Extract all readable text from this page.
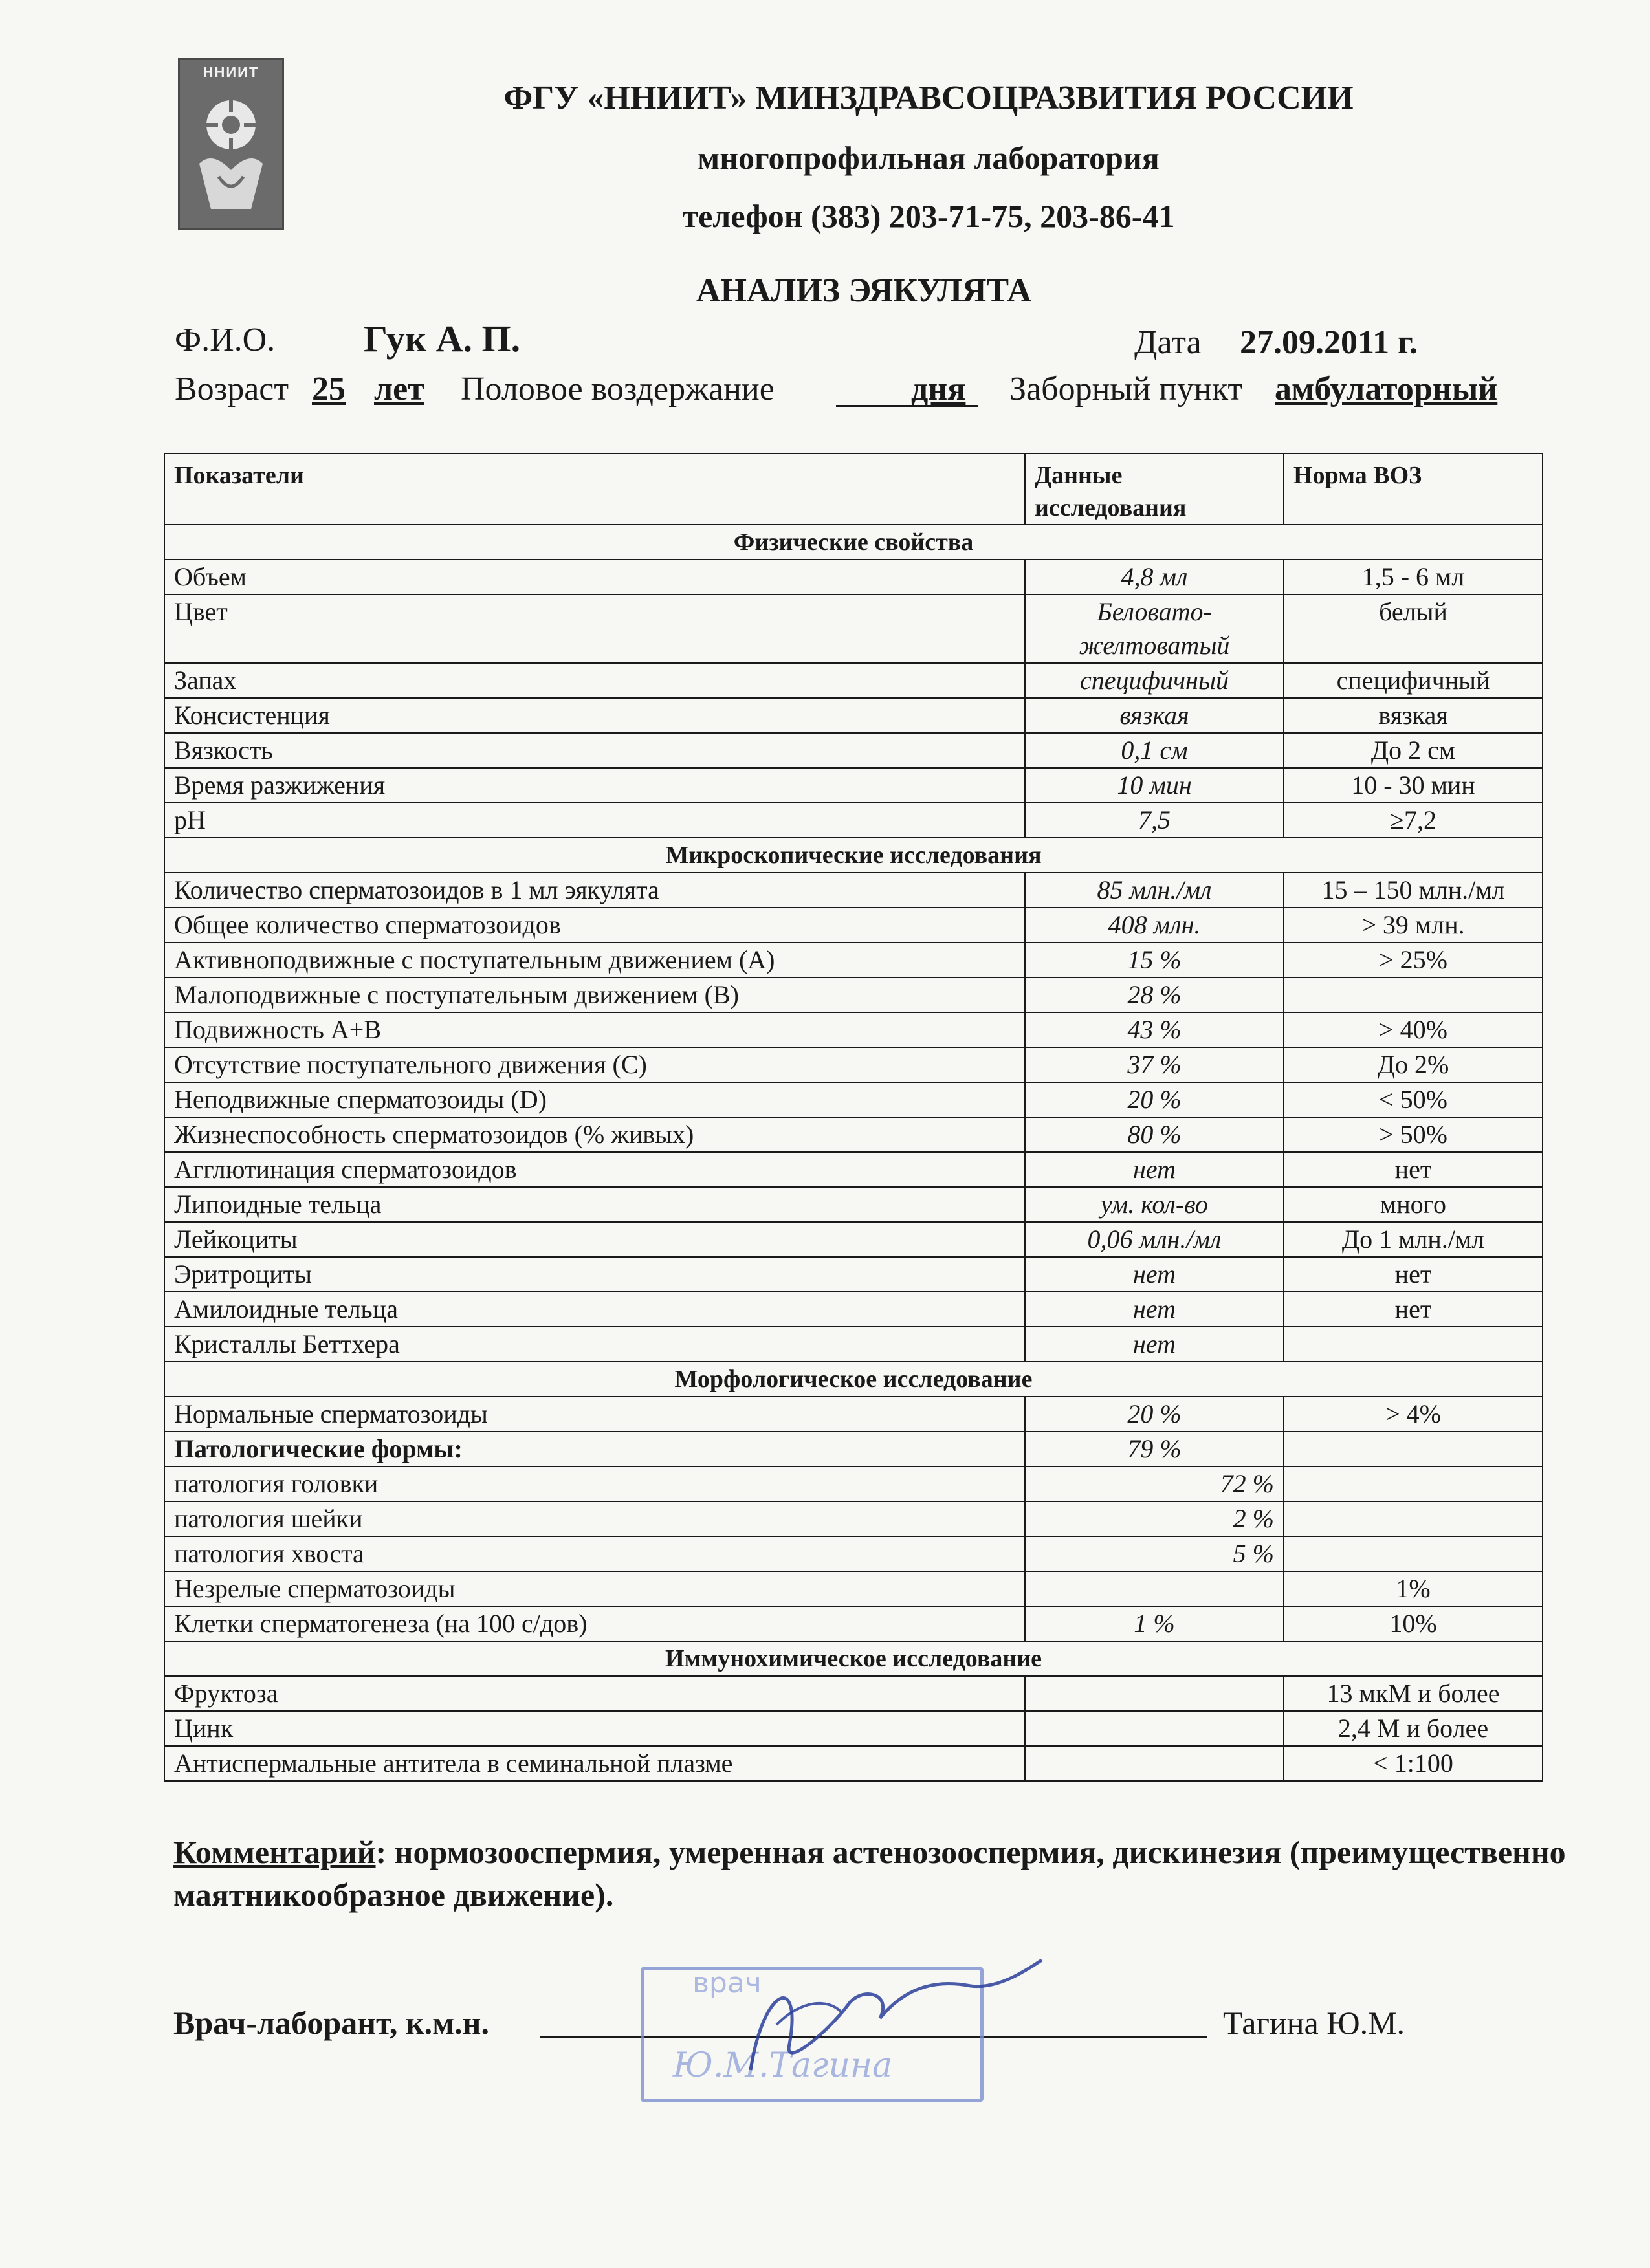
ННИИТ
ФГУ «ННИИТ» МИНЗДРАВСОЦРАЗВИТИЯ РОССИИ
многопрофильная лаборатория
телефон (383) 203-71-75, 203-86-41
АНАЛИЗ ЭЯКУЛЯТА
Ф.И.О. Гук А. П.	Дата 27.09.2011 г.
Возраст 25 лет Половое воздержание	дня Заборный пункт амбулаторный
Показатели	Данные исследования	Норма ВОЗ
Физические свойства
Объем	4,8 мл	1,5 - 6 мл
Цвет	Беловато-
желтоватый
	белый
Запах	специфичный	специфичный
Консистенция	вязкая	вязкая
Вязкость	0,1 см	До 2 см
Время разжижения	10 мин	10 - 30 мин
pH	7,5	≥7,2
Микроскопические исследования
Количество сперматозоидов в 1 мл эякулята	85 млн./мл	15 – 150 млн./мл
Общее количество сперматозоидов	408 млн.	> 39 млн.
Активноподвижные с поступательным движением (A)	15 %	> 25%
Малоподвижные с поступательным движением (B)	28 %	
Подвижность A+B	43 %	> 40%
Отсутствие поступательного движения (C)	37 %	До 2%
Неподвижные сперматозоиды (D)	20 %	< 50%
Жизнеспособность сперматозоидов (% живых)	80 %	> 50%
Агглютинация сперматозоидов	нет	нет
Липоидные тельца	ум. кол-во	много
Лейкоциты	0,06 млн./мл	До 1 млн./мл
Эритроциты	нет	нет
Амилоидные тельца	нет	нет
Кристаллы Беттхера	нет	
Морфологическое исследование
Нормальные сперматозоиды	20 %	> 4%
Патологические формы:	79 %	
патология головки	72 %	
патология шейки	2 %	
патология хвоста	5 %	
Незрелые сперматозоиды		1%
Клетки сперматогенеза (на 100 с/дов)	1 %	10%
Иммунохимическое исследование
Фруктоза		13 мкМ и более
Цинк		2,4 М и более
Антиспермальные антитела в семинальной плазме		< 1:100
Комментарий: нормозооспермия, умеренная астенозооспермия, дискинезия (преимущественно маятникообразное движение).
Врач-лаборант, к.м.н.
врач
Ю.М.Тагина
Тагина Ю.М.
